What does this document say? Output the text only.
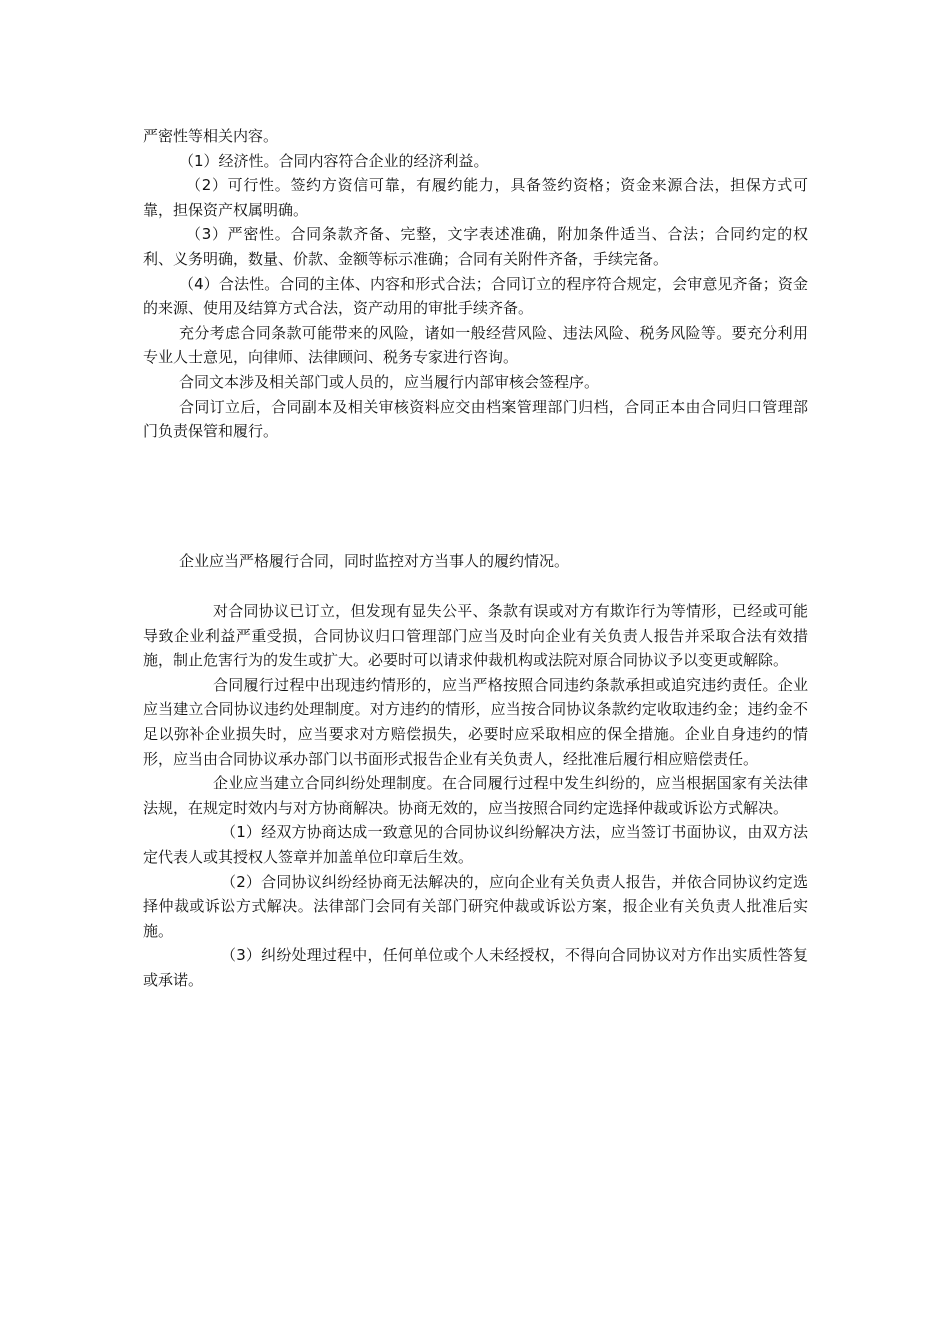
严密性等相关内容。

（1）经济性。合同内容符合企业的经济利益。

（2）可行性。签约方资信可靠，有履约能力，具备签约资格；资金来源合法，担保方式可靠，担保资产权属明确。

（3）严密性。合同条款齐备、完整，文字表述准确，附加条件适当、合法；合同约定的权利、义务明确，数量、价款、金额等标示准确；合同有关附件齐备，手续完备。

（4）合法性。合同的主体、内容和形式合法；合同订立的程序符合规定，会审意见齐备；资金的来源、使用及结算方式合法，资产动用的审批手续齐备。

充分考虑合同条款可能带来的风险，诸如一般经营风险、违法风险、税务风险等。要充分利用专业人士意见，向律师、法律顾问、税务专家进行咨询。

合同文本涉及相关部门或人员的，应当履行内部审核会签程序。

合同订立后，合同副本及相关审核资料应交由档案管理部门归档，合同正本由合同归口管理部门负责保管和履行。

企业应当严格履行合同，同时监控对方当事人的履约情况。

对合同协议已订立，但发现有显失公平、条款有误或对方有欺诈行为等情形，已经或可能导致企业利益严重受损，合同协议归口管理部门应当及时向企业有关负责人报告并采取合法有效措施，制止危害行为的发生或扩大。必要时可以请求仲裁机构或法院对原合同协议予以变更或解除。

合同履行过程中出现违约情形的，应当严格按照合同违约条款承担或追究违约责任。企业应当建立合同协议违约处理制度。对方违约的情形，应当按合同协议条款约定收取违约金；违约金不足以弥补企业损失时，应当要求对方赔偿损失，必要时应采取相应的保全措施。企业自身违约的情形，应当由合同协议承办部门以书面形式报告企业有关负责人，经批准后履行相应赔偿责任。

企业应当建立合同纠纷处理制度。在合同履行过程中发生纠纷的，应当根据国家有关法律法规，在规定时效内与对方协商解决。协商无效的，应当按照合同约定选择仲裁或诉讼方式解决。

（1）经双方协商达成一致意见的合同协议纠纷解决方法，应当签订书面协议，由双方法定代表人或其授权人签章并加盖单位印章后生效。

（2）合同协议纠纷经协商无法解决的，应向企业有关负责人报告，并依合同协议约定选择仲裁或诉讼方式解决。法律部门会同有关部门研究仲裁或诉讼方案，报企业有关负责人批准后实施。

（3）纠纷处理过程中，任何单位或个人未经授权，不得向合同协议对方作出实质性答复或承诺。
